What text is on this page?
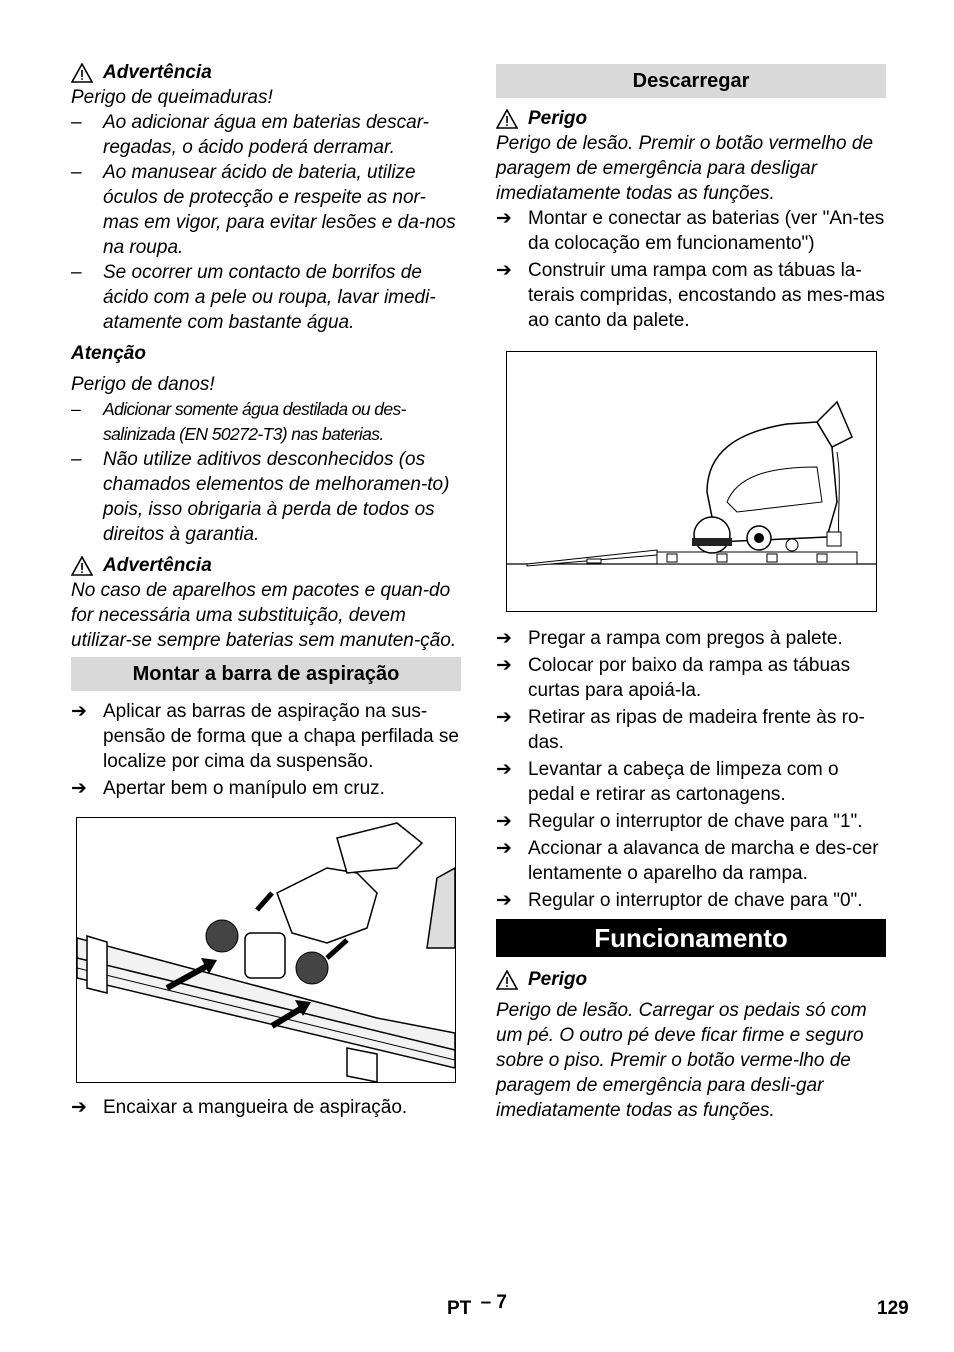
Advertência

Perigo de queimaduras!

–	Ao adicionar água em baterias descar-regadas, o ácido poderá derramar.
–	Ao manusear ácido de bateria, utilize óculos de protecção e respeite as nor-mas em vigor, para evitar lesões e da-nos na roupa.
–	Se ocorrer um contacto de borrifos de ácido com a pele ou roupa, lavar imedi-atamente com bastante água.

Atenção

Perigo de danos!

–	Adicionar somente água destilada ou des-salinizada (EN 50272-T3) nas baterias.
–	Não utilize aditivos desconhecidos (os chamados elementos de melhoramen-to) pois, isso obrigaria à perda de todos os direitos à garantia.
Advertência

No caso de aparelhos em pacotes e quan-do for necessária uma substituição, devem utilizar-se sempre baterias sem manuten-ção.

Montar a barra de aspiração
➔ Aplicar as barras de aspiração na sus-pensão de forma que a chapa perfilada se localize por cima da suspensão.
➔ Apertar bem o manípulo em cruz.
➔ Encaixar a mangueira de aspiração.
Descarregar
Perigo

Perigo de lesão. Premir o botão vermelho de paragem de emergência para desligar imediatamente todas as funções.

➔ Montar e conectar as baterias (ver "An-tes da colocação em funcionamento")
➔ Construir uma rampa com as tábuas la-terais compridas, encostando as mes-mas ao canto da palete.
➔ Pregar a rampa com pregos à palete.
➔ Colocar por baixo da rampa as tábuas curtas para apoiá-la.
➔ Retirar as ripas de madeira frente às ro-das.
➔ Levantar a cabeça de limpeza com o pedal e retirar as cartonagens.
➔ Regular o interruptor de chave para "1".
➔ Accionar a alavanca de marcha e des-cer lentamente o aparelho da rampa.
➔ Regular o interruptor de chave para "0".
Funcionamento
Perigo

Perigo de lesão. Carregar os pedais só com um pé. O outro pé deve ficar firme e seguro sobre o piso. Premir o botão verme-lho de paragem de emergência para desli-gar imediatamente todas as funções.

PT – 7	129
